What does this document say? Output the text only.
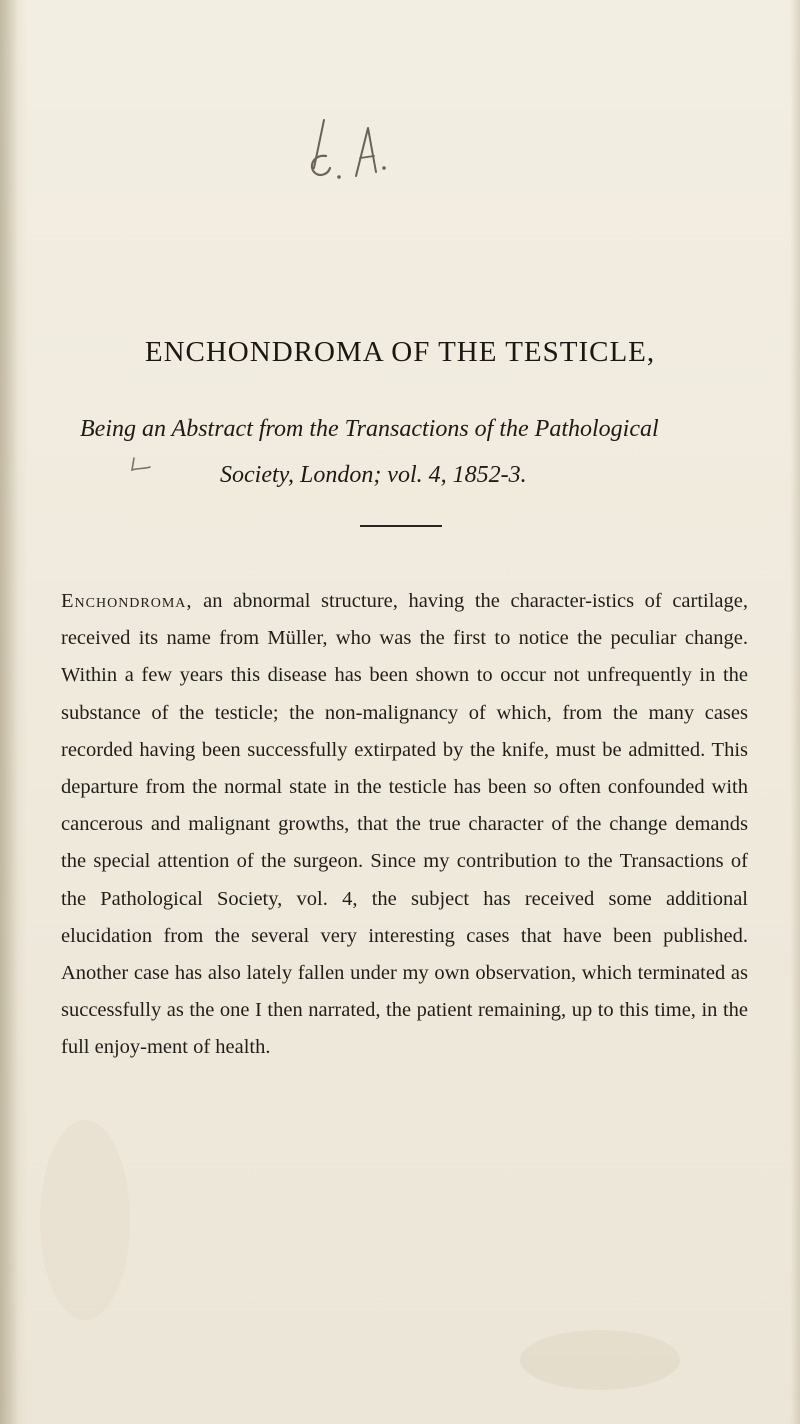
ENCHONDROMA OF THE TESTICLE,
Being an Abstract from the Transactions of the Pathological
Society, London; vol. 4, 1852-3.

Enchondroma, an abnormal structure, having the character-istics of cartilage, received its name from Müller, who was the first to notice the peculiar change. Within a few years this disease has been shown to occur not unfrequently in the substance of the testicle; the non-malignancy of which, from the many cases recorded having been successfully extirpated by the knife, must be admitted. This departure from the normal state in the testicle has been so often confounded with cancerous and malignant growths, that the true character of the change demands the special attention of the surgeon. Since my contribution to the Transactions of the Pathological Society, vol. 4, the subject has received some additional elucidation from the several very interesting cases that have been published. Another case has also lately fallen under my own observation, which terminated as successfully as the one I then narrated, the patient remaining, up to this time, in the full enjoy-ment of health.
